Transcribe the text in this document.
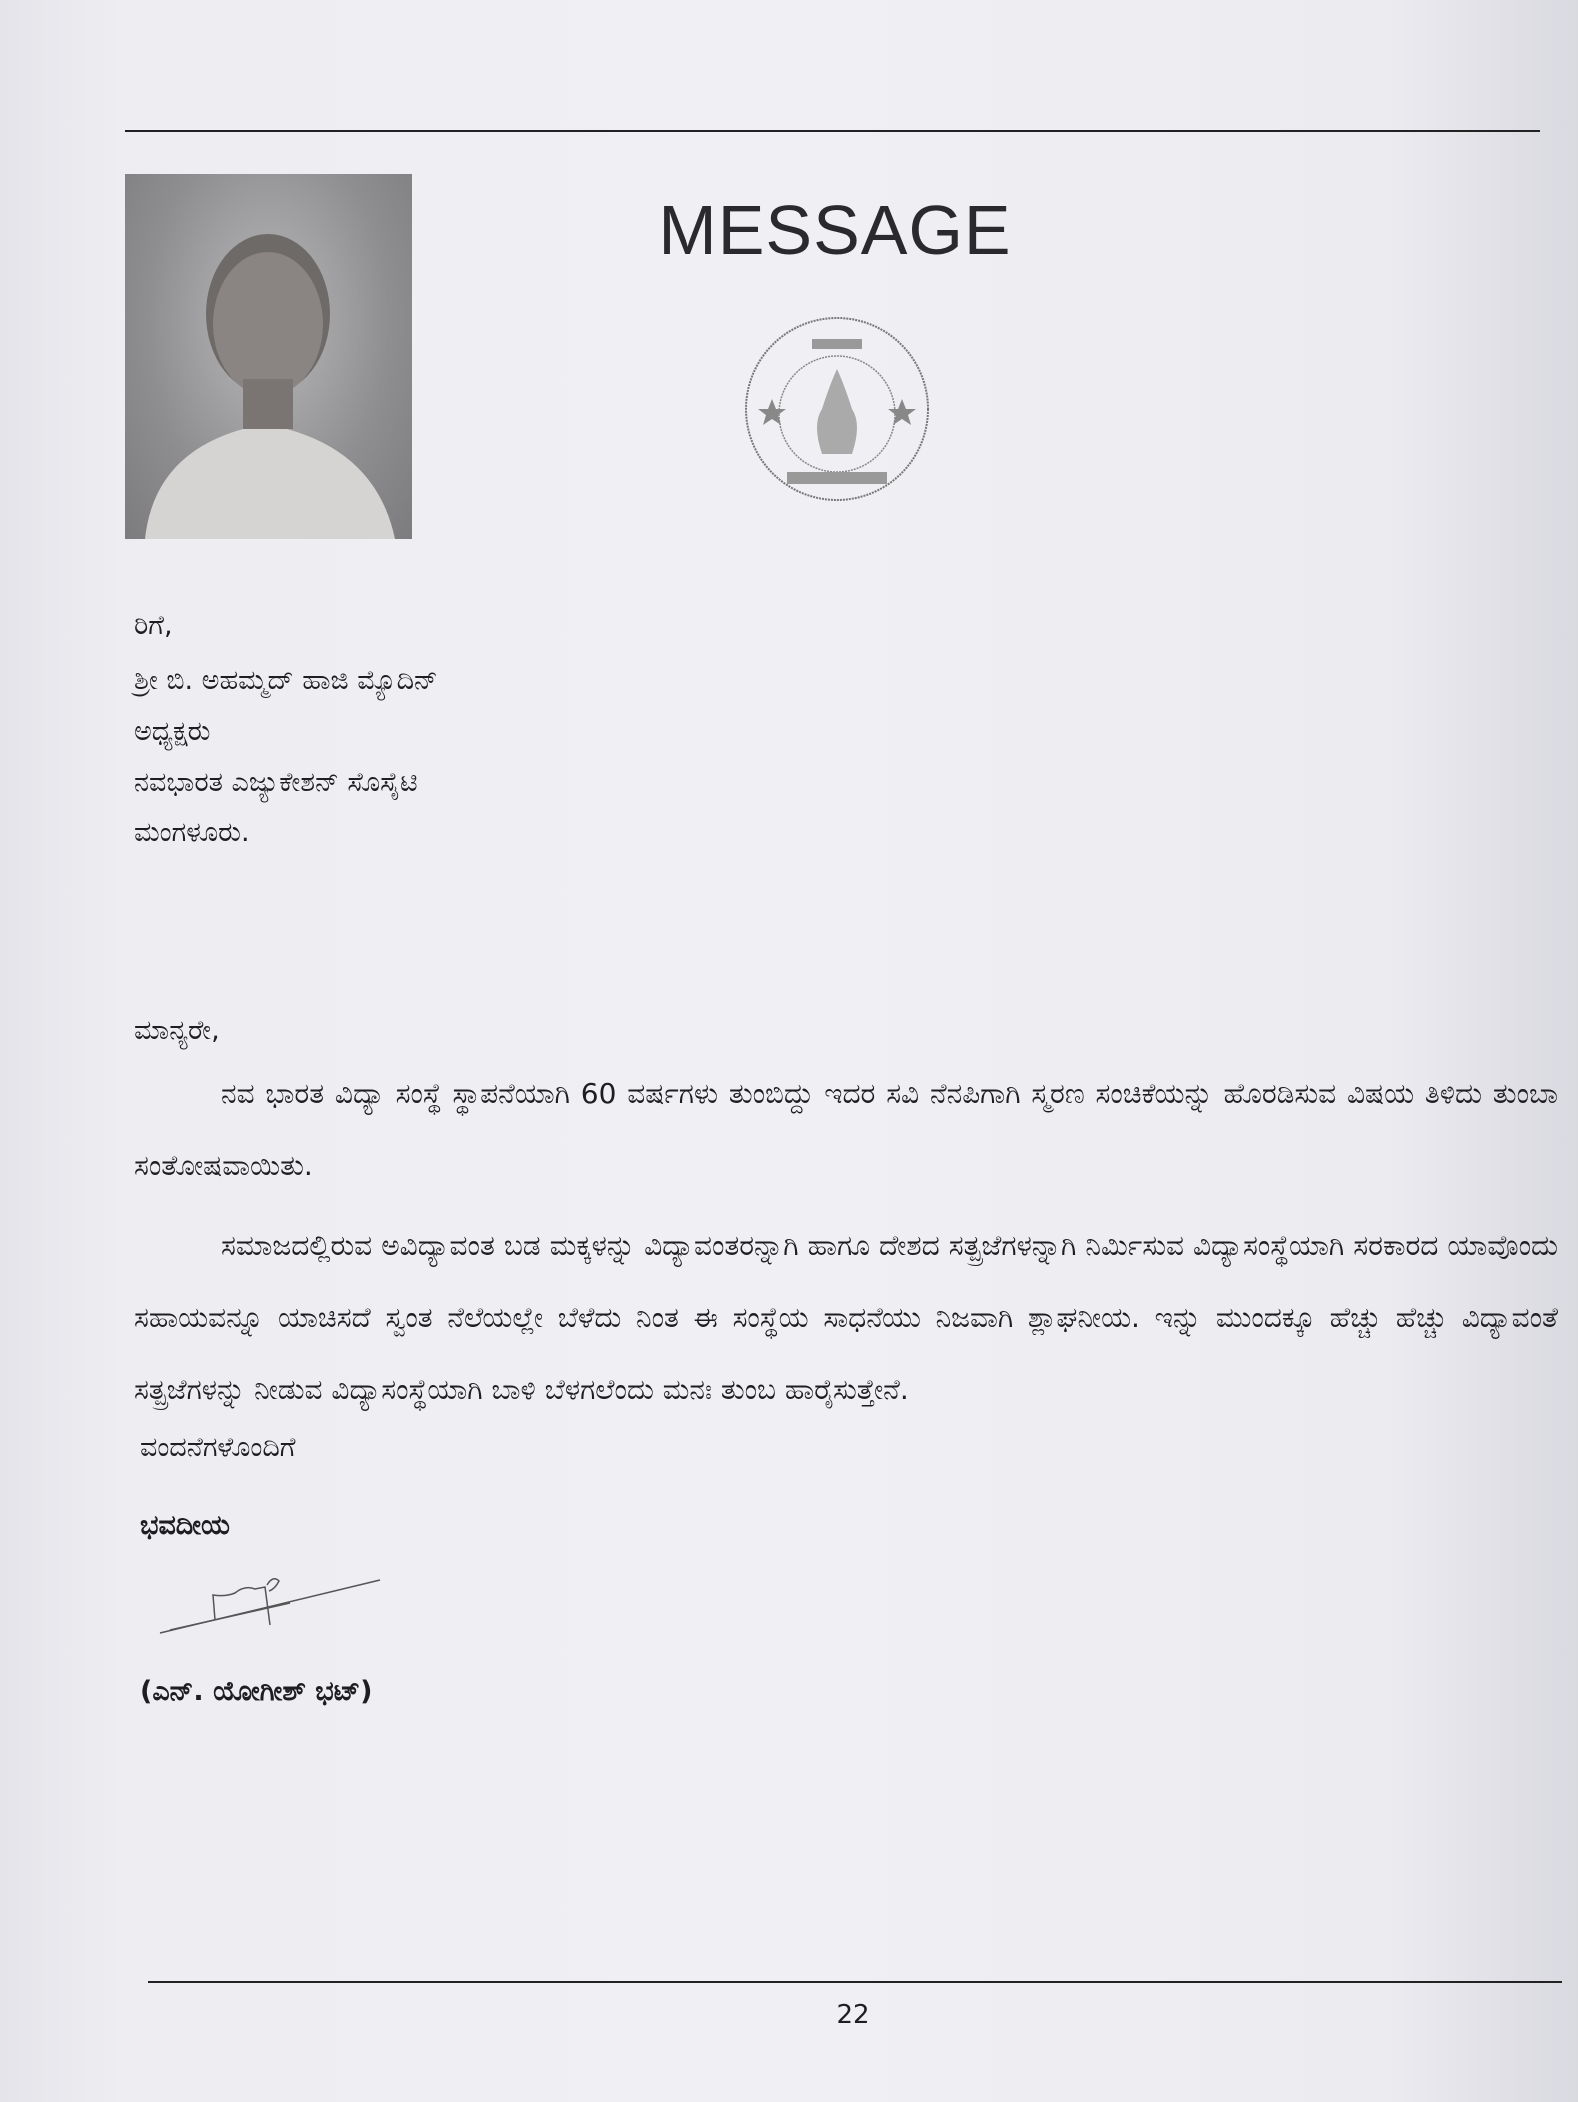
MESSAGE
ರಿಗೆ,
ಶ್ರೀ ಬಿ. ಅಹಮ್ಮದ್ ಹಾಜಿ ಮ್ಯೊದಿನ್
ಅಧ್ಯಕ್ಷರು
ನವಭಾರತ ಎಜ್ಯುಕೇಶನ್ ಸೊಸೈಟಿ
ಮಂಗಳೂರು.
ಮಾನ್ಯರೇ,
ನವ ಭಾರತ ವಿದ್ಯಾ ಸಂಸ್ಥೆ ಸ್ಥಾಪನೆಯಾಗಿ 60 ವರ್ಷಗಳು ತುಂಬಿದ್ದು ಇದರ ಸವಿ ನೆನಪಿಗಾಗಿ ಸ್ಮರಣ ಸಂಚಿಕೆಯನ್ನು ಹೊರಡಿಸುವ ವಿಷಯ ತಿಳಿದು ತುಂಬಾ ಸಂತೋಷವಾಯಿತು.
ಸಮಾಜದಲ್ಲಿರುವ ಅವಿದ್ಯಾವಂತ ಬಡ ಮಕ್ಕಳನ್ನು ವಿದ್ಯಾವಂತರನ್ನಾಗಿ ಹಾಗೂ ದೇಶದ ಸತ್ಪ್ರಜೆಗಳನ್ನಾಗಿ ನಿರ್ಮಿಸುವ ವಿದ್ಯಾಸಂಸ್ಥೆಯಾಗಿ ಸರಕಾರದ ಯಾವೊಂದು ಸಹಾಯವನ್ನೂ ಯಾಚಿಸದೆ ಸ್ವಂತ ನೆಲೆಯಲ್ಲೇ ಬೆಳೆದು ನಿಂತ ಈ ಸಂಸ್ಥೆಯ ಸಾಧನೆಯು ನಿಜವಾಗಿ ಶ್ಲಾಘನೀಯ. ಇನ್ನು ಮುಂದಕ್ಕೂ ಹೆಚ್ಚು ಹೆಚ್ಚು ವಿದ್ಯಾವಂತೆ ಸತ್ಪ್ರಜೆಗಳನ್ನು ನೀಡುವ ವಿದ್ಯಾಸಂಸ್ಥೆಯಾಗಿ ಬಾಳಿ ಬೆಳಗಲೆಂದು ಮನಃ ತುಂಬ ಹಾರೈಸುತ್ತೇನೆ.
ವಂದನೆಗಳೊಂದಿಗೆ
ಭವದೀಯ
(ಎನ್. ಯೋಗೀಶ್ ಭಟ್)
22
